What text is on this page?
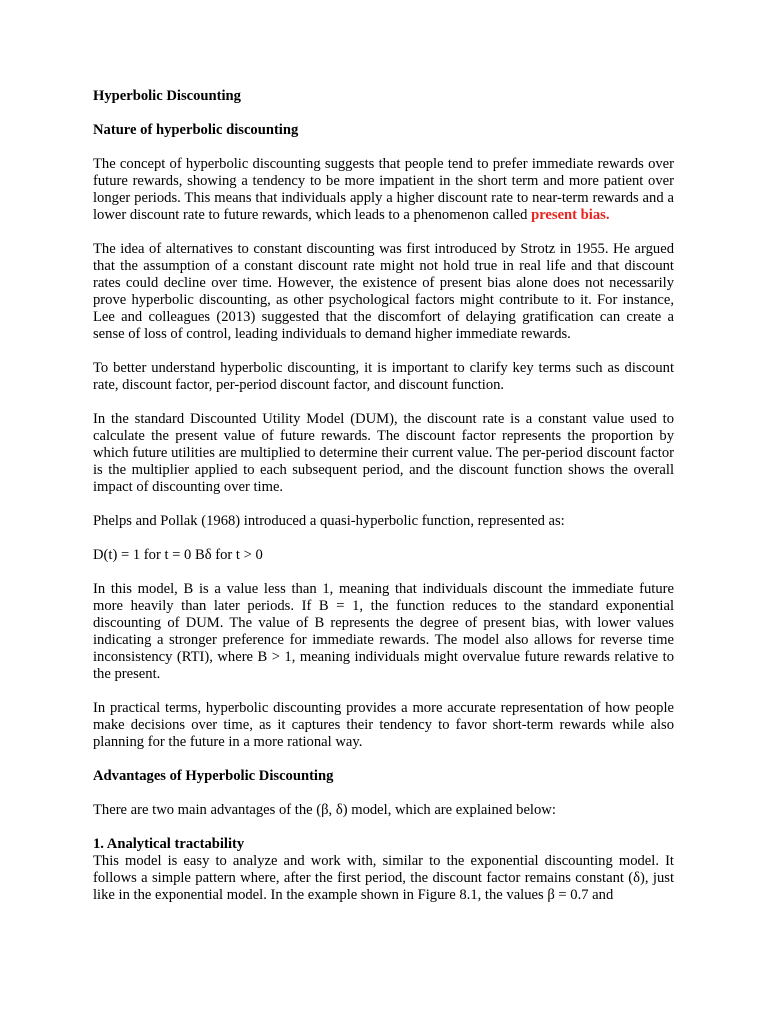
Hyperbolic Discounting

Nature of hyperbolic discounting

The concept of hyperbolic discounting suggests that people tend to prefer immediate rewards over future rewards, showing a tendency to be more impatient in the short term and more patient over longer periods. This means that individuals apply a higher discount rate to near-term rewards and a lower discount rate to future rewards, which leads to a phenomenon called present bias.

The idea of alternatives to constant discounting was first introduced by Strotz in 1955. He argued that the assumption of a constant discount rate might not hold true in real life and that discount rates could decline over time. However, the existence of present bias alone does not necessarily prove hyperbolic discounting, as other psychological factors might contribute to it. For instance, Lee and colleagues (2013) suggested that the discomfort of delaying gratification can create a sense of loss of control, leading individuals to demand higher immediate rewards.

To better understand hyperbolic discounting, it is important to clarify key terms such as discount rate, discount factor, per-period discount factor, and discount function.

In the standard Discounted Utility Model (DUM), the discount rate is a constant value used to calculate the present value of future rewards. The discount factor represents the proportion by which future utilities are multiplied to determine their current value. The per-period discount factor is the multiplier applied to each subsequent period, and the discount function shows the overall impact of discounting over time.

Phelps and Pollak (1968) introduced a quasi-hyperbolic function, represented as:

D(t) = 1 for t = 0 Bδ for t > 0

In this model, B is a value less than 1, meaning that individuals discount the immediate future more heavily than later periods. If B = 1, the function reduces to the standard exponential discounting of DUM. The value of B represents the degree of present bias, with lower values indicating a stronger preference for immediate rewards. The model also allows for reverse time inconsistency (RTI), where B > 1, meaning individuals might overvalue future rewards relative to the present.

In practical terms, hyperbolic discounting provides a more accurate representation of how people make decisions over time, as it captures their tendency to favor short-term rewards while also planning for the future in a more rational way.

Advantages of Hyperbolic Discounting

There are two main advantages of the (β, δ) model, which are explained below:

1. Analytical tractability

This model is easy to analyze and work with, similar to the exponential discounting model. It follows a simple pattern where, after the first period, the discount factor remains constant (δ), just like in the exponential model. In the example shown in Figure 8.1, the values β = 0.7 and
